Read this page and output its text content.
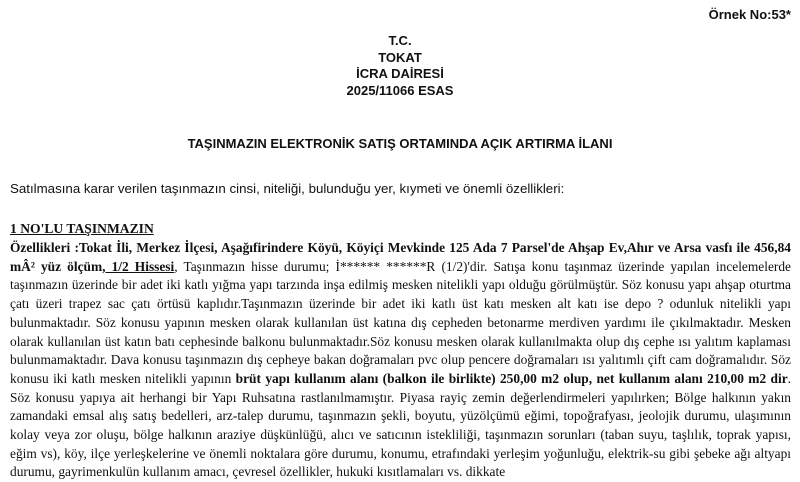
Örnek No:53*
T.C.
TOKAT
İCRA DAİRESİ
2025/11066 ESAS
TAŞINMAZIN ELEKTRONİK SATIŞ ORTAMINDA AÇIK ARTIRMA İLANI
Satılmasına karar verilen taşınmazın cinsi, niteliği, bulunduğu yer, kıymeti ve önemli özellikleri:
1 NO'LU TAŞINMAZIN
Özellikleri :Tokat İli, Merkez İlçesi, Aşağıfirindere Köyü, Köyiçi Mevkinde 125 Ada 7 Parsel'de Ahşap Ev,Ahır ve Arsa vasfı ile 456,84 mÂ² yüz ölçüm, 1/2 Hissesi, Taşınmazın hisse durumu; İ****** ******R (1/2)'dir. Satışa konu taşınmaz üzerinde yapılan incelemelerde taşınmazın üzerinde bir adet iki katlı yığma yapı tarzında inşa edilmiş mesken nitelikli yapı olduğu görülmüştür. Söz konusu yapı ahşap oturtma çatı üzeri trapez sac çatı örtüsü kaplıdır.Taşınmazın üzerinde bir adet iki katlı üst katı mesken alt katı ise depo ? odunluk nitelikli yapı bulunmaktadır. Söz konusu yapının mesken olarak kullanılan üst katına dış cepheden betonarme merdiven yardımı ile çıkılmaktadır. Mesken olarak kullanılan üst katın batı cephesinde balkonu bulunmaktadır.Söz konusu mesken olarak kullanılmakta olup dış cephe ısı yalıtım kaplaması bulunmamaktadır. Dava konusu taşınmazın dış cepheye bakan doğramaları pvc olup pencere doğramaları ısı yalıtımlı çift cam doğramalıdır. Söz konusu iki katlı mesken nitelikli yapının brüt yapı kullanım alanı (balkon ile birlikte) 250,00 m2 olup, net kullanım alanı 210,00 m2 dir. Söz konusu yapıya ait herhangi bir Yapı Ruhsatına rastlanılmamıştır. Piyasa rayiç zemin değerlendirmeleri yapılırken; Bölge halkının yakın zamandaki emsal alış satış bedelleri, arz-talep durumu, taşınmazın şekli, boyutu, yüzölçümü eğimi, topoğrafyası, jeolojik durumu, ulaşımının kolay veya zor oluşu, bölge halkının araziye düşkünlüğü, alıcı ve satıcının istekliliği, taşınmazın sorunları (taban suyu, taşlılık, toprak yapısı, eğim vs), köy, ilçe yerleşkelerine ve önemli noktalara göre durumu, konumu, etrafındaki yerleşim yoğunluğu, elektrik-su gibi şebeke ağı altyapı durumu, gayrimenkulün kullanım amacı, çevresel özellikler, hukuki kısıtlamaları vs. dikkate
